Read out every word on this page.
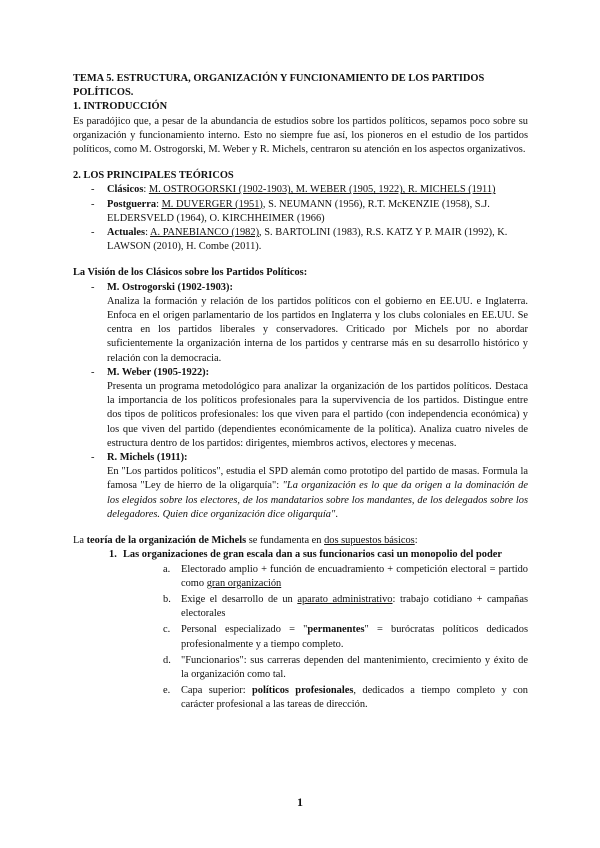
TEMA 5. ESTRUCTURA, ORGANIZACIÓN Y FUNCIONAMIENTO DE LOS PARTIDOS POLÍTICOS.
1. INTRODUCCIÓN

Es paradójico que, a pesar de la abundancia de estudios sobre los partidos políticos, sepamos poco sobre su organización y funcionamiento interno. Esto no siempre fue así, los pioneros en el estudio de los partidos políticos, como M. Ostrogorski, M. Weber y R. Michels, centraron su atención en los aspectos organizativos.

2. LOS PRINCIPALES TEÓRICOS
- Clásicos: M. OSTROGORSKI (1902-1903), M. WEBER (1905, 1922), R. MICHELS (1911)
- Postguerra: M. DUVERGER (1951), S. NEUMANN (1956), R.T. McKENZIE (1958), S.J. ELDERSVELD (1964), O. KIRCHHEIMER (1966)
- Actuales: A. PANEBIANCO (1982), S. BARTOLINI (1983), R.S. KATZ Y P. MAIR (1992), K. LAWSON (2010), H. Combe (2011).
La Visión de los Clásicos sobre los Partidos Políticos:
- M. Ostrogorski (1902-1903):

Analiza la formación y relación de los partidos políticos con el gobierno en EE.UU. e Inglaterra. Enfoca en el origen parlamentario de los partidos en Inglaterra y los clubs coloniales en EE.UU. Se centra en los partidos liberales y conservadores. Criticado por Michels por no abordar suficientemente la organización interna de los partidos y centrarse más en su desarrollo histórico y relación con la democracia.

- M. Weber (1905-1922):

Presenta un programa metodológico para analizar la organización de los partidos políticos. Destaca la importancia de los políticos profesionales para la supervivencia de los partidos. Distingue entre dos tipos de políticos profesionales: los que viven para el partido (con independencia económica) y los que viven del partido (dependientes económicamente de la política). Analiza cuatro niveles de estructura dentro de los partidos: dirigentes, miembros activos, electores y mecenas.

- R. Michels (1911):

En "Los partidos políticos", estudia el SPD alemán como prototipo del partido de masas. Formula la famosa "Ley de hierro de la oligarquía": "La organización es lo que da origen a la dominación de los elegidos sobre los electores, de los mandatarios sobre los mandantes, de los delegados sobre los delegadores. Quien dice organización dice oligarquía".

La teoría de la organización de Michels se fundamenta en dos supuestos básicos:

1. Las organizaciones de gran escala dan a sus funcionarios casi un monopolio del poder
a. Electorado amplio + función de encuadramiento + competición electoral = partido como gran organización

b. Exige el desarrollo de un aparato administrativo: trabajo cotidiano + campañas electorales

c. Personal especializado = "permanentes" = burócratas políticos dedicados profesionalmente y a tiempo completo.

d. "Funcionarios": sus carreras dependen del mantenimiento, crecimiento y éxito de la organización como tal.

e. Capa superior: políticos profesionales, dedicados a tiempo completo y con carácter profesional a las tareas de dirección.

1
